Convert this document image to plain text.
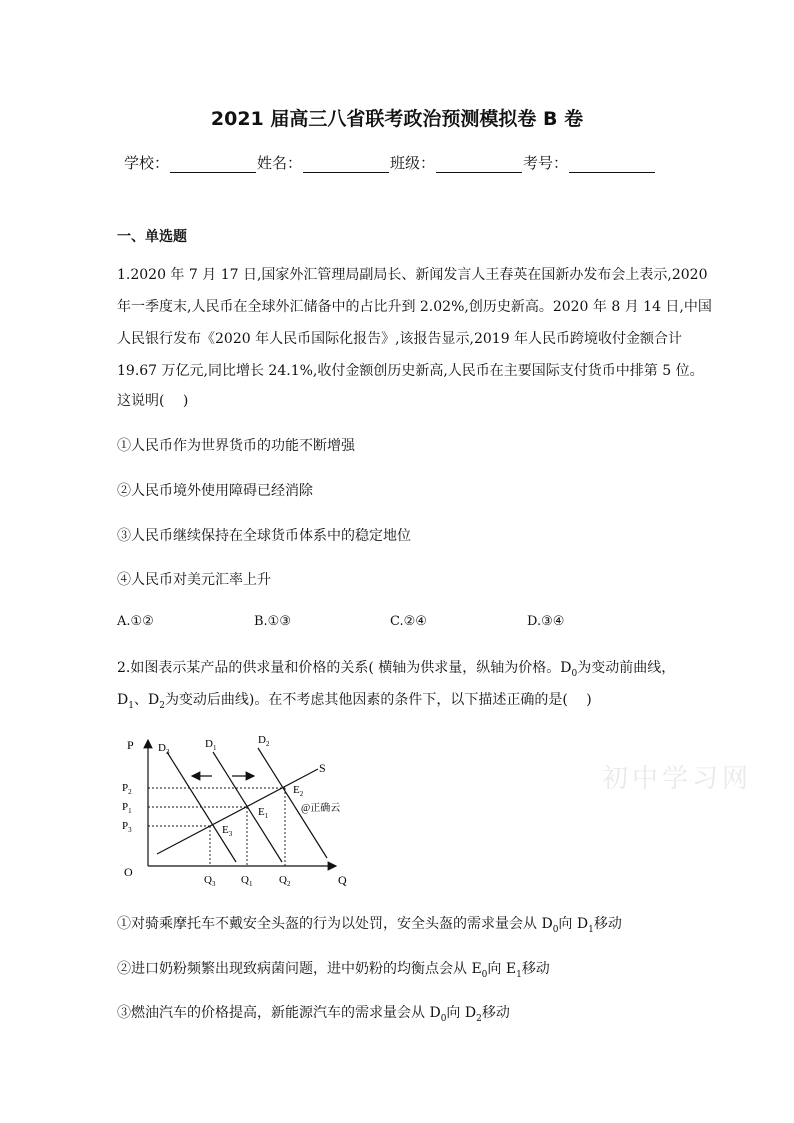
2021 届高三八省联考政治预测模拟卷 B 卷
学校：	姓名：	班级：	考号：
一、单选题
1.2020 年 7 月 17 日,国家外汇管理局副局长、新闻发言人王春英在国新办发布会上表示,2020
年一季度末,人民币在全球外汇储备中的占比升到 2.02%,创历史新高。2020 年 8 月 14 日,中国
人民银行发布《2020 年人民币国际化报告》,该报告显示,2019 年人民币跨境收付金额合计
19.67 万亿元,同比增长 24.1%,收付金额创历史新高,人民币在主要国际支付货币中排第 5 位。
这说明(　 )
①人民币作为世界货币的功能不断增强
②人民币境外使用障碍已经消除
③人民币继续保持在全球货币体系中的稳定地位
④人民币对美元汇率上升
A.①②	B.①③	C.②④	D.③④
2.如图表示某产品的供求量和价格的关系( 横轴为供求量，纵轴为价格。$D_0$为变动前曲线，
$D_1$、$D_2$为变动后曲线)。在不考虑其他因素的条件下，以下描述正确的是(　 )
P
Q
O
S
$D_3$
$D_1$
$D_2$
$P_2$
$P_1$
$P_3$
$E_2$
$E_1$
$E_3$
$Q_3$ $Q_1$ $Q_2$
@正确云
初中学习网
①对骑乘摩托车不戴安全头盔的行为以处罚，安全头盔的需求量会从 $D_0$向 $D_1$移动
②进口奶粉频繁出现致病菌问题，进中奶粉的均衡点会从 $E_0$向 $E_1$移动
③燃油汽车的价格提高，新能源汽车的需求量会从 $D_0$向 $D_2$移动
